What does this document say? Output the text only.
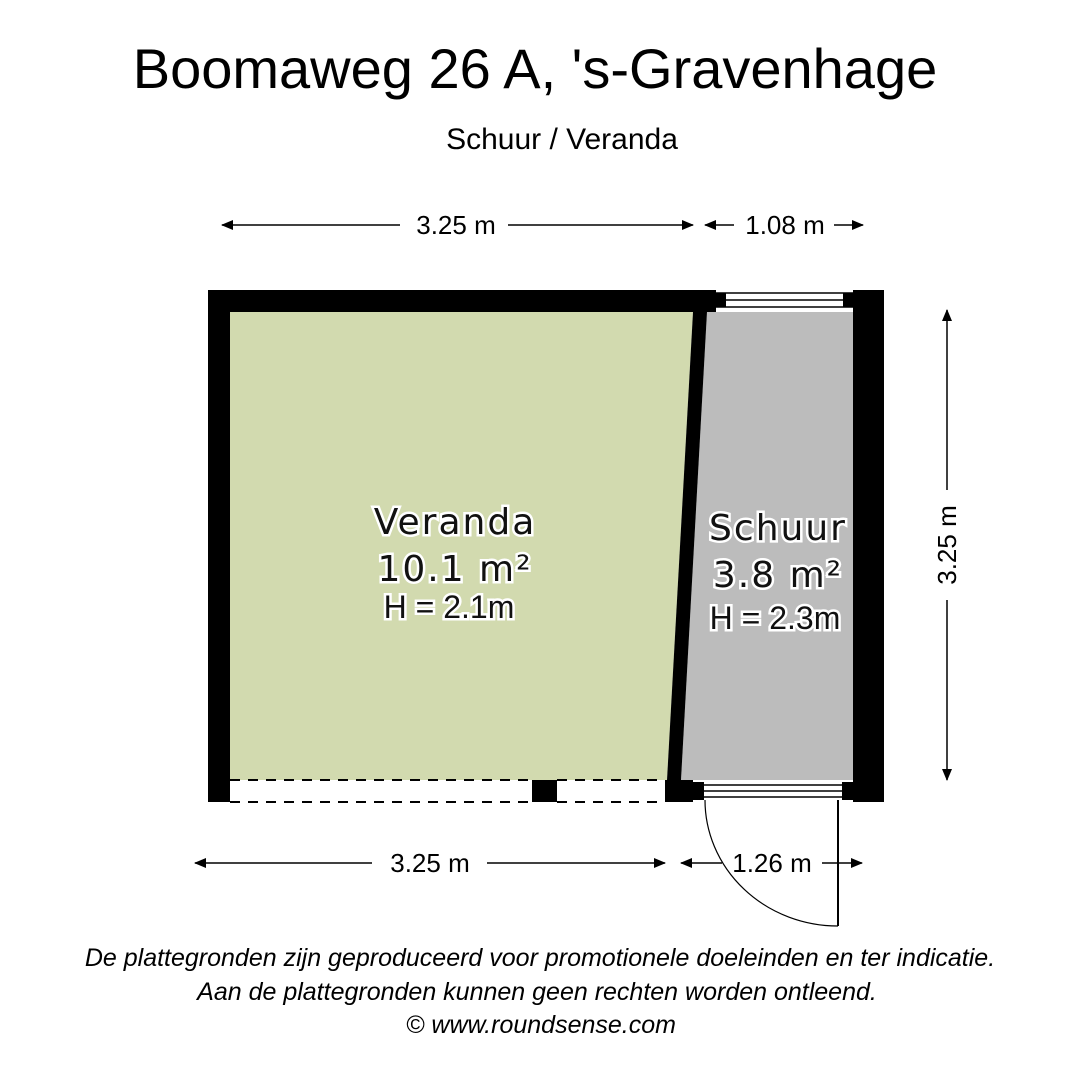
Boomaweg 26 A, 's-Gravenhage
Schuur / Veranda
3.25 m	1.08 m
3.25 m
3.25 m	1.26 m
Veranda
10.1 m²
H = 2.1m
Schuur
3.8 m²
H = 2.3m
De plattegronden zijn geproduceerd voor promotionele doeleinden en ter indicatie.
Aan de plattegronden kunnen geen rechten worden ontleend.
© www.roundsense.com
